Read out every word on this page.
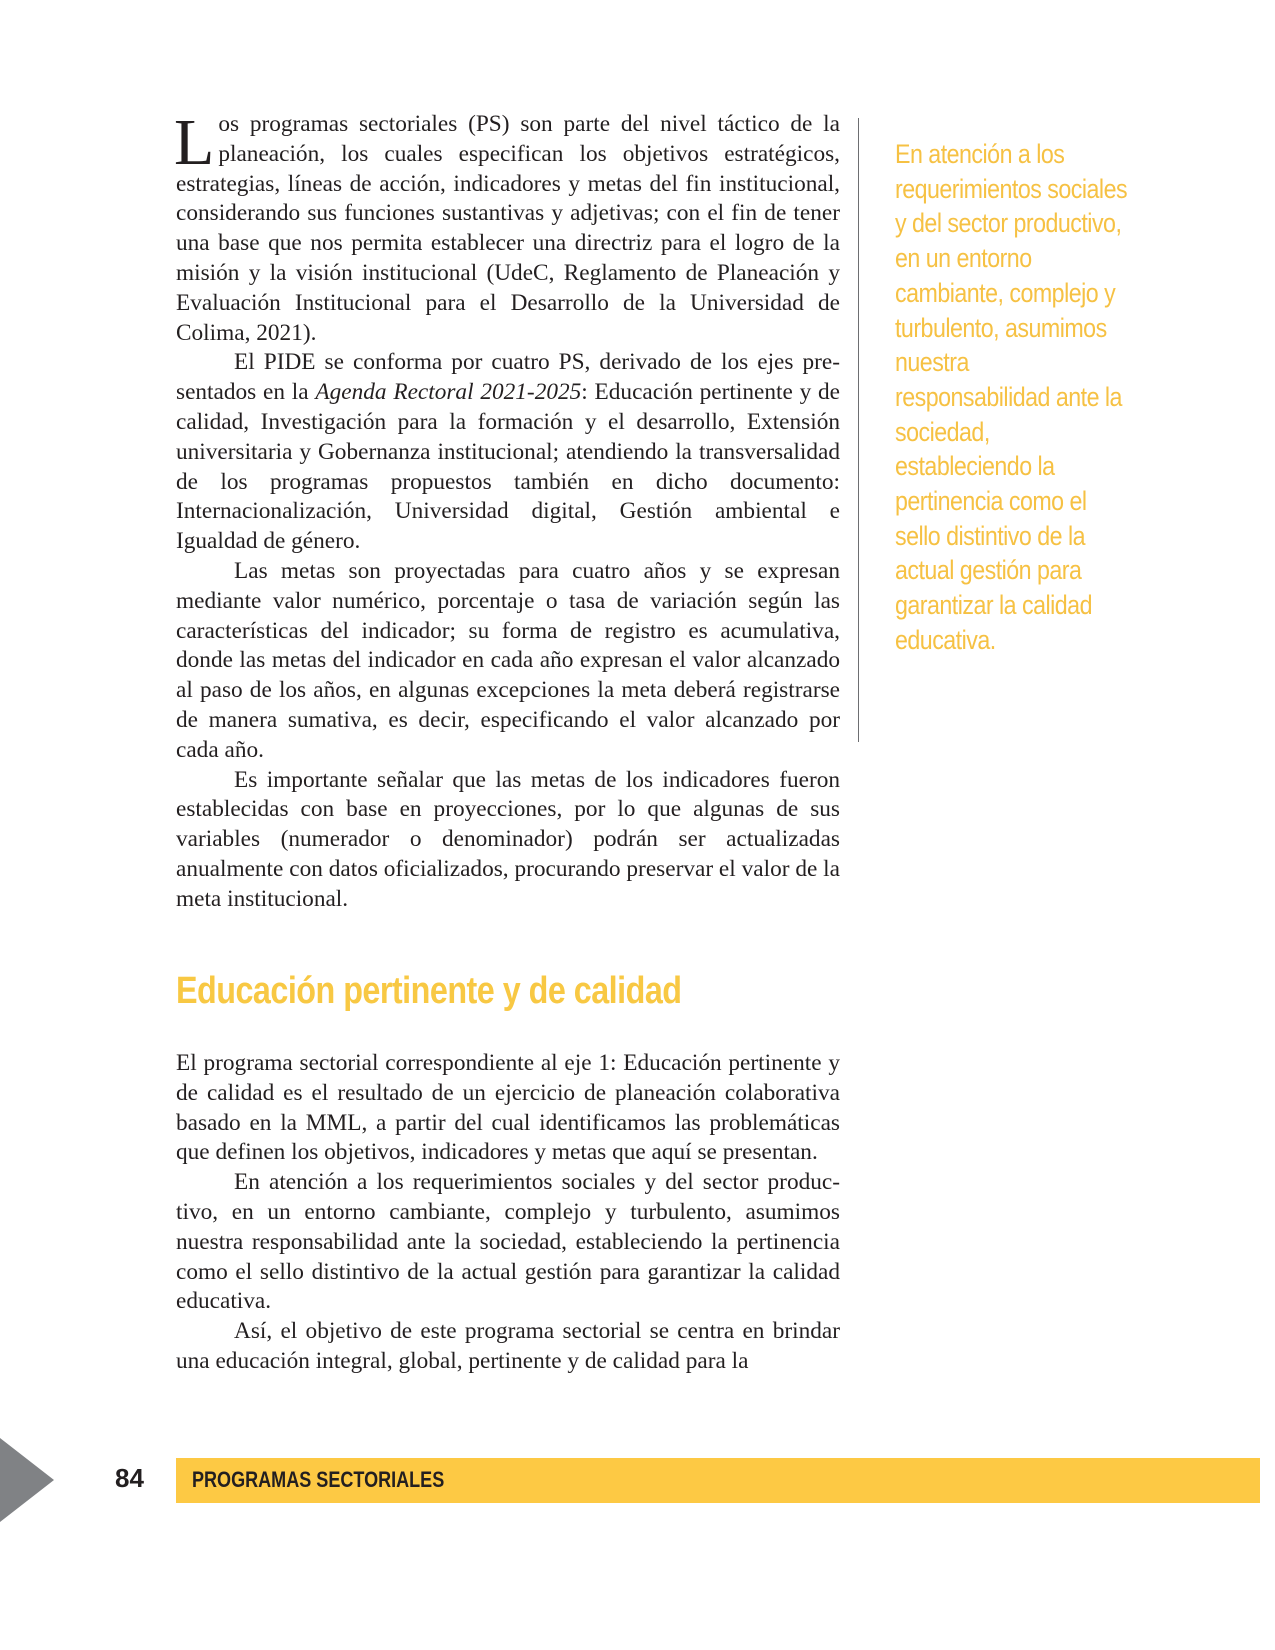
Los programas sectoriales (PS) son parte del nivel táctico de la planeación, los cuales especifican los objetivos estratégicos, estrategias, líneas de acción, indicadores y metas del fin institucional, considerando sus funciones sustantivas y adjetivas; con el fin de tener una base que nos permita establecer una directriz para el logro de la misión y la visión institucional (UdeC, Reglamento de Planeación y Evaluación Institucional para el Desarrollo de la Universidad de Colima, 2021).

El PIDE se conforma por cuatro PS, derivado de los ejes presentados en la Agenda Rectoral 2021-2025: Educación pertinente y de calidad, Investigación para la formación y el desarrollo, Extensión universitaria y Gobernanza institucional; atendiendo la transversalidad de los programas propuestos también en dicho documento: Internacionalización, Universidad digital, Gestión ambiental e Igualdad de género.

Las metas son proyectadas para cuatro años y se expresan mediante valor numérico, porcentaje o tasa de variación según las características del indicador; su forma de registro es acumulativa, donde las metas del indicador en cada año expresan el valor alcanzado al paso de los años, en algunas excepciones la meta deberá registrarse de manera sumativa, es decir, especificando el valor alcanzado por cada año.

Es importante señalar que las metas de los indicadores fueron establecidas con base en proyecciones, por lo que algunas de sus variables (numerador o denominador) podrán ser actualizadas anualmente con datos oficializados, procurando preservar el valor de la meta institucional.

En atención a los requerimientos sociales y del sector productivo, en un entorno cambiante, complejo y turbulento, asumimos nuestra responsabilidad ante la sociedad, estableciendo la pertinencia como el sello distintivo de la actual gestión para garantizar la calidad educativa.
Educación pertinente y de calidad

El programa sectorial correspondiente al eje 1: Educación pertinente y de calidad es el resultado de un ejercicio de planeación colaborativa basado en la MML, a partir del cual identificamos las problemáticas que definen los objetivos, indicadores y metas que aquí se presentan.

En atención a los requerimientos sociales y del sector productivo, en un entorno cambiante, complejo y turbulento, asumimos nuestra responsabilidad ante la sociedad, estableciendo la pertinencia como el sello distintivo de la actual gestión para garantizar la calidad educativa.

Así, el objetivo de este programa sectorial se centra en brindar una educación integral, global, pertinente y de calidad para la

84 PROGRAMAS SECTORIALES
